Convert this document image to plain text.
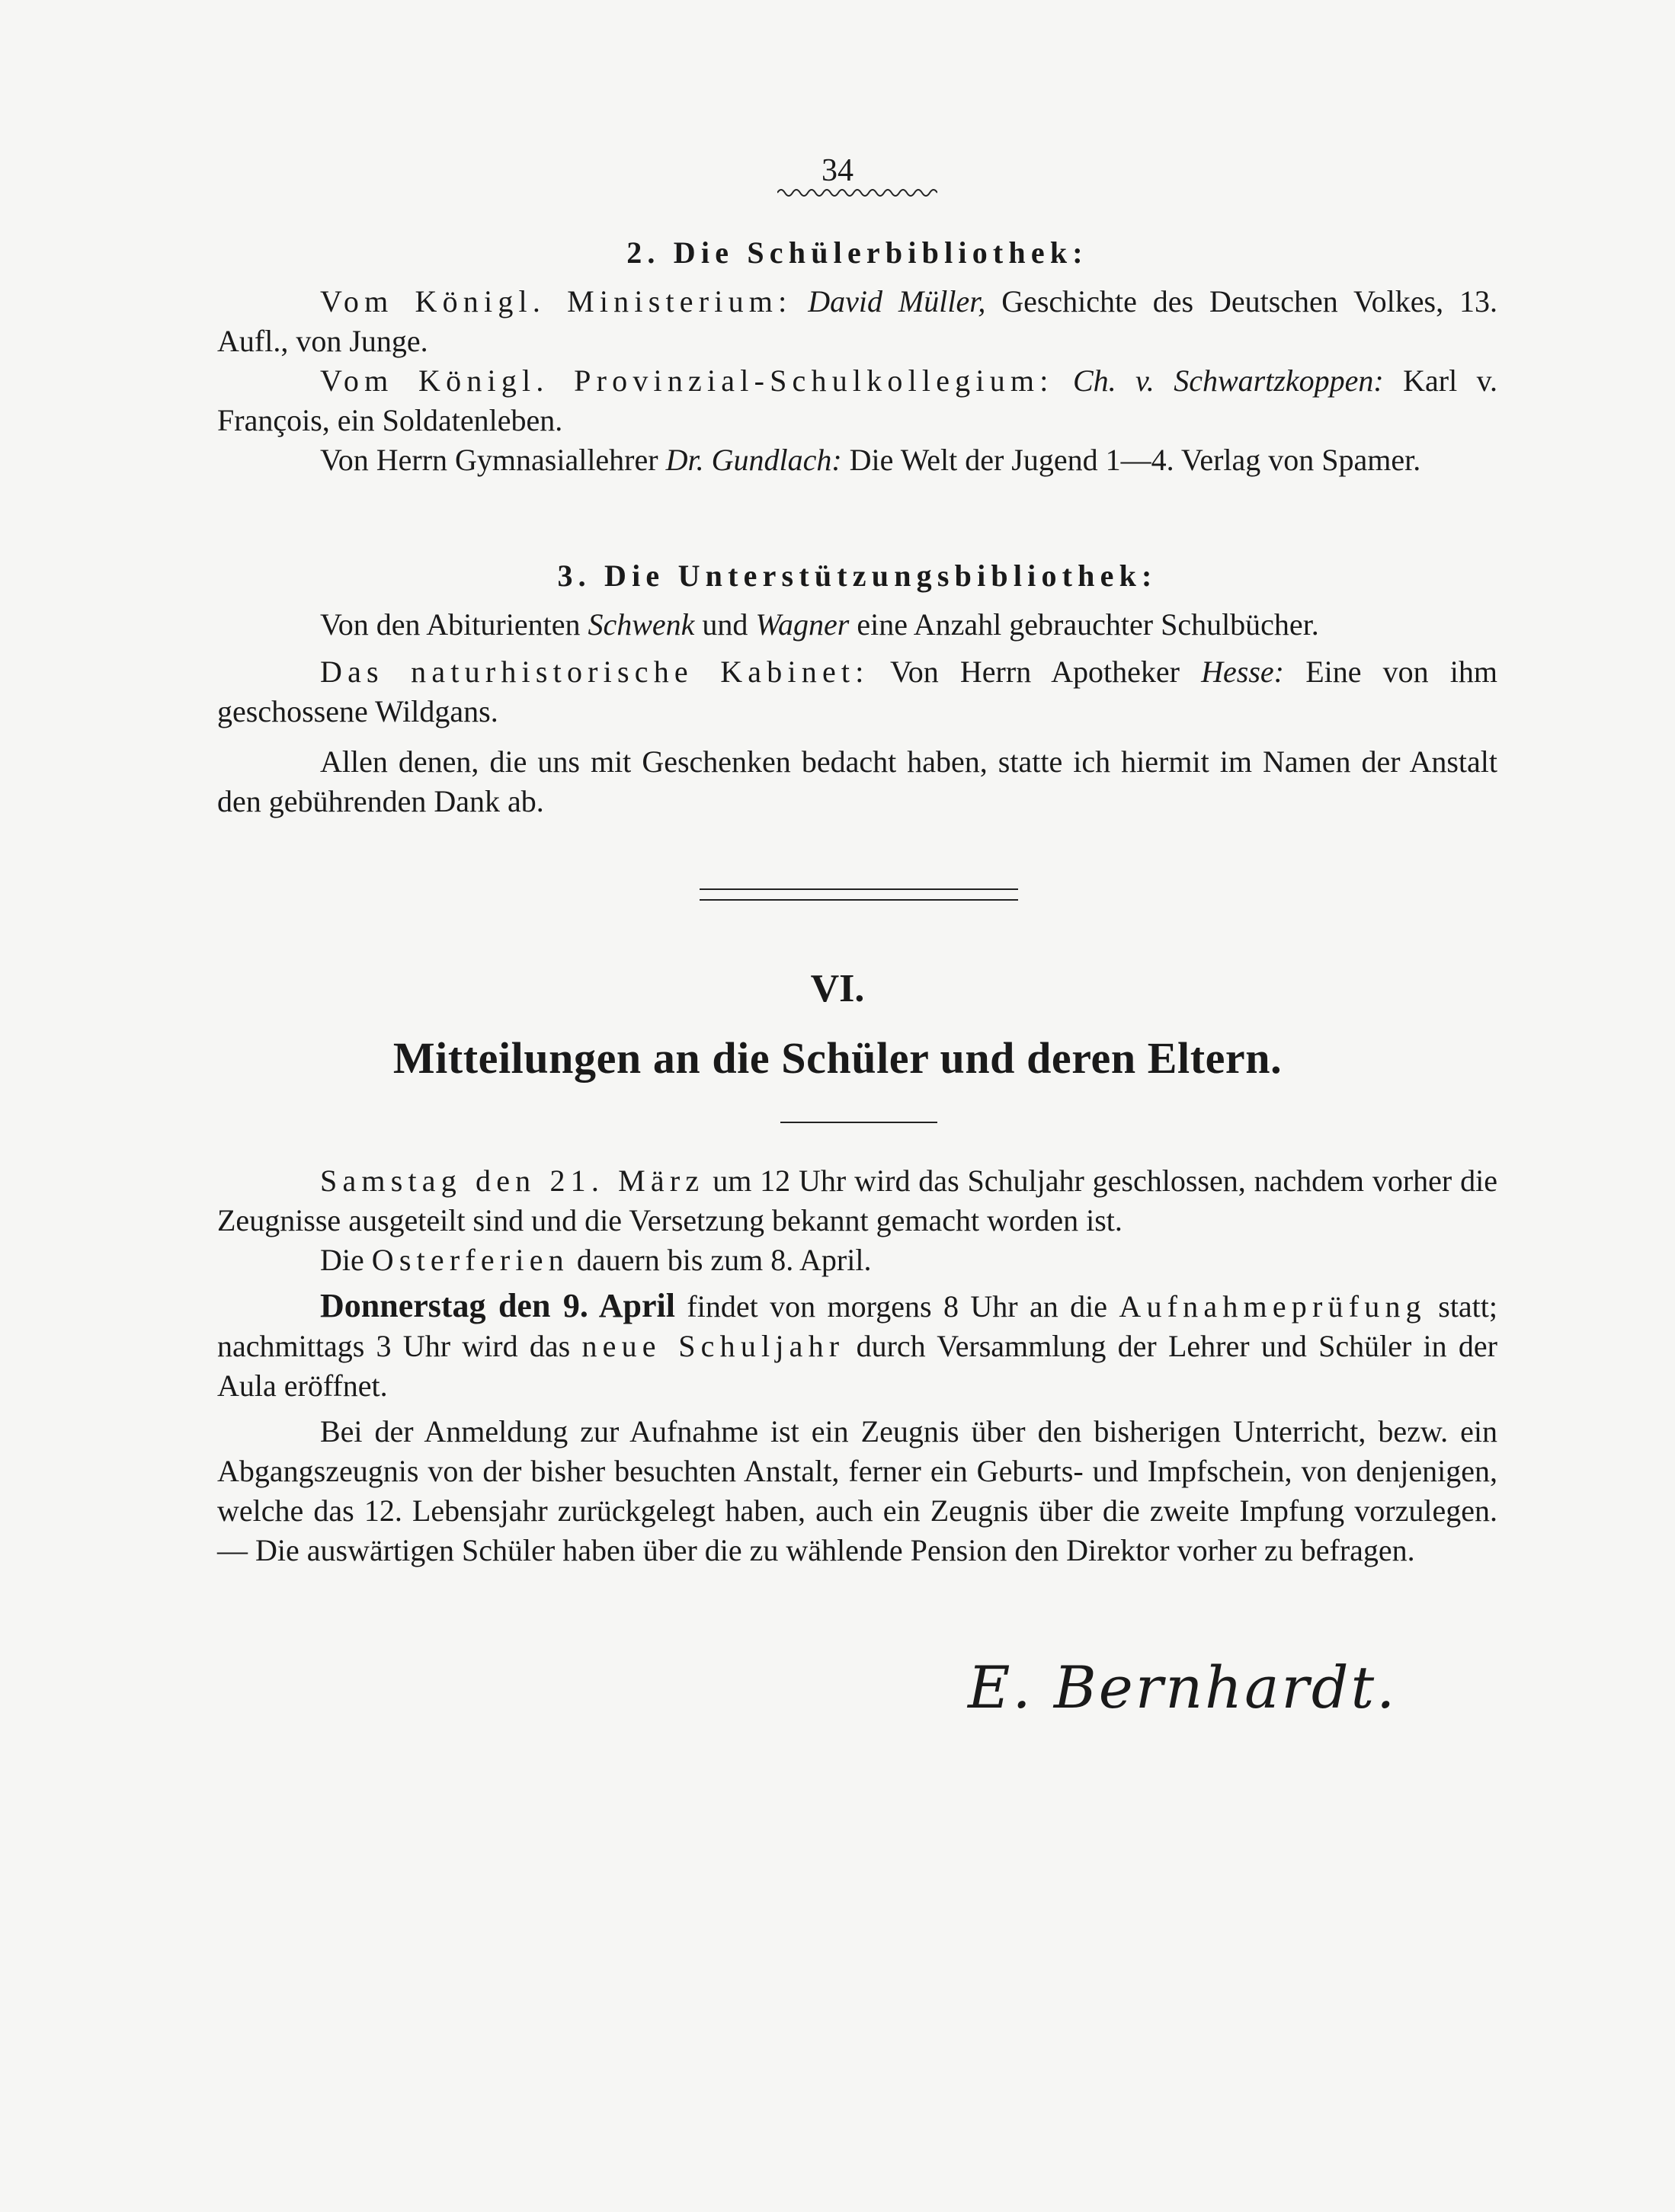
34
2. Die Schülerbibliothek:

Vom Königl. Ministerium: David Müller, Geschichte des Deutschen Volkes, 13. Aufl., von Junge.

Vom Königl. Provinzial-Schulkollegium: Ch. v. Schwartzkoppen: Karl v. François, ein Soldatenleben.

Von Herrn Gymnasiallehrer Dr. Gundlach: Die Welt der Jugend 1—4. Verlag von Spamer.

3. Die Unterstützungsbibliothek:

Von den Abiturienten Schwenk und Wagner eine Anzahl gebrauchter Schulbücher.

Das naturhistorische Kabinet: Von Herrn Apotheker Hesse: Eine von ihm geschossene Wildgans.

Allen denen, die uns mit Geschenken bedacht haben, statte ich hiermit im Namen der Anstalt den gebührenden Dank ab.

VI.
Mitteilungen an die Schüler und deren Eltern.

Samstag den 21. März um 12 Uhr wird das Schuljahr geschlossen, nachdem vorher die Zeugnisse ausgeteilt sind und die Versetzung bekannt gemacht worden ist.

Die Osterferien dauern bis zum 8. April.

Donnerstag den 9. April findet von morgens 8 Uhr an die Aufnahmeprüfung statt; nachmittags 3 Uhr wird das neue Schuljahr durch Versammlung der Lehrer und Schüler in der Aula eröffnet.

Bei der Anmeldung zur Aufnahme ist ein Zeugnis über den bisherigen Unterricht, bezw. ein Abgangszeugnis von der bisher besuchten Anstalt, ferner ein Geburts- und Impfschein, von denjenigen, welche das 12. Lebensjahr zurückgelegt haben, auch ein Zeugnis über die zweite Impfung vorzulegen. — Die auswärtigen Schüler haben über die zu wählende Pension den Direktor vorher zu befragen.

E. Bernhardt.
